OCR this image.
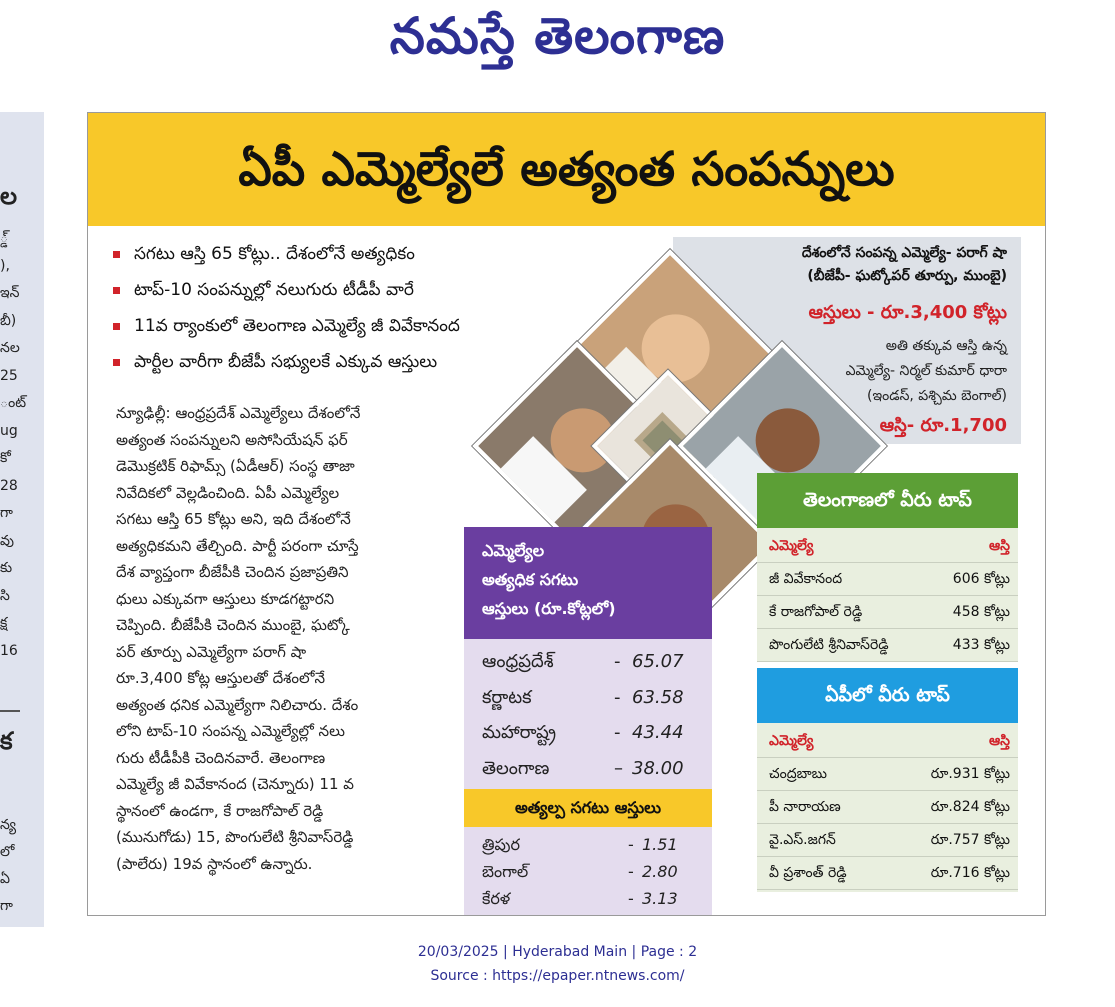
నమస్తే తెలంగాణ
ల
్డ్
),
ఇన్
బీ)
నల
25
ంట్
ug
కో
28
గా
వు
కు
సి
క్ష
16
క
న్య
లో
ఏ
గా
ఏపీ ఎమ్మెల్యేలే అత్యంత సంపన్నులు
సగటు ఆస్తి 65 కోట్లు.. దేశంలోనే అత్యధికం
టాప్‌-10 సంపన్నుల్లో నలుగురు టీడీపీ వారే
11వ ర్యాంకులో తెలంగాణ ఎమ్మెల్యే జీ వివేకానంద
పార్టీల వారీగా బీజేపీ సభ్యులకే ఎక్కువ ఆస్తులు
న్యూఢిల్లీ: ఆంధ్రప్రదేశ్‌ ఎమ్మెల్యేలు దేశంలోనే
అత్యంత సంపన్నులని అసోసియేషన్‌ ఫర్‌
డెమొక్రటిక్‌ రిఫామ్స్‌ (ఏడీఆర్‌) సంస్థ తాజా
నివేదికలో వెల్లడించింది. ఏపీ ఎమ్మెల్యేల
సగటు ఆస్తి 65 కోట్లు అని, ఇది దేశంలోనే
అత్యధికమని తేల్చింది. పార్టీ పరంగా చూస్తే
దేశ వ్యాప్తంగా బీజేపీకి చెందిన ప్రజాప్రతిని
ధులు ఎక్కువగా ఆస్తులు కూడగట్టారని
చెప్పింది. బీజేపీకి చెందిన ముంబై, ఘట్కో
పర్‌ తూర్పు ఎమ్మెల్యేగా పరాగ్‌ షా
రూ.3,400 కోట్ల ఆస్తులతో దేశంలోనే
అత్యంత ధనిక ఎమ్మెల్యేగా నిలిచారు. దేశం
లోని టాప్‌-10 సంపన్న ఎమ్మెల్యేల్లో నలు
గురు టీడీపీకి చెందినవారే. తెలంగాణ
ఎమ్మెల్యే జీ వివేకానంద (చెన్నూరు) 11 వ
స్థానంలో ఉండగా, కే రాజగోపాల్‌ రెడ్డి
(మునుగోడు) 15, పొంగులేటి శ్రీనివాస్‌రెడ్డి
(పాలేరు) 19వ స్థానంలో ఉన్నారు.
దేశంలోనే సంపన్న ఎమ్మెల్యే- పరాగ్‌ షా
(బీజేపీ- ఘట్కోపర్‌ తూర్పు, ముంబై)
ఆస్తులు - రూ.3,400 కోట్లు
అతి తక్కువ ఆస్తి ఉన్న
ఎమ్మెల్యే- నిర్మల్‌ కుమార్‌ ధారా
(ఇండస్‌, పశ్చిమ బెంగాల్‌)
ఆస్తి- రూ.1,700
ఎమ్మెల్యేల
అత్యధిక సగటు
ఆస్తులు (రూ.కోట్లలో)
ఆంధ్రప్రదేశ్‌	- 65.07
కర్ణాటక	- 63.58
మహారాష్ట్ర	- 43.44
తెలంగాణ	– 38.00
అత్యల్ప సగటు ఆస్తులు
త్రిపుర	- 1.51
బెంగాల్‌	- 2.80
కేరళ	- 3.13
తెలంగాణలో వీరు టాప్‌
ఎమ్మెల్యే	ఆస్తి
జీ వివేకానంద	606 కోట్లు
కే రాజగోపాల్‌ రెడ్డి	458 కోట్లు
పొంగులేటి శ్రీనివాస్‌రెడ్డి	433 కోట్లు
ఏపీలో వీరు టాప్‌
ఎమ్మెల్యే	ఆస్తి
చంద్రబాబు	రూ.931 కోట్లు
పీ నారాయణ	రూ.824 కోట్లు
వై.ఎస్‌.జగన్‌	రూ.757 కోట్లు
వీ ప్రశాంత్‌ రెడ్డి	రూ.716 కోట్లు
20/03/2025 | Hyderabad Main | Page : 2
Source : https://epaper.ntnews.com/
